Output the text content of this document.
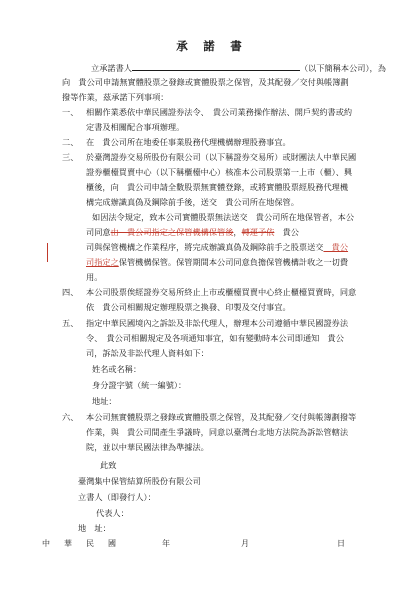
承　諾　書
立承諾書人	（以下簡稱本公司），為
向　貴公司申請無實體股票之發錄或實體股票之保管，及其配發／交付與帳簿劃
撥等作業，茲承諾下列事項：
一、 相關作業悉依中華民國證券法令、　貴公司業務操作辦法、開戶契約書或約
定書及相關配合事項辦理。
二、 在　貴公司所在地委任事業股務代理機構辦理股務事宜。
三、 於臺灣證券交易所股份有限公司（以下稱證券交易所）或財團法人中華民國
證券櫃檯買賣中心（以下稱櫃檯中心）核准本公司股票第一上市（櫃）、興
櫃後，向　貴公司申請全數股票無實體登錄，或將實體股票經股務代理機
構完成辦識真偽及鋼除前手後，送交　貴公司所在地保管。
如因法令規定，致本公司實體股票無法送交　貴公司所在地保管者，本公
司同意由　貴公司指定之保管機構保管後，轉運予依　貴公
司與保管機構之作業程序，將完成辦識真偽及鋼除前手之股票送交　貴公
司指定之保管機構保管。保管期間本公司同意負擔保管機構計收之一切費
用。
四、 本公司股票俟經證券交易所終止上市或櫃檯買賣中心終止櫃檯買賣時，同意
依　貴公司相關規定辦理股票之換發、印製及交付事宜。
五、 指定中華民國境內之訴訟及非訟代理人，辦理本公司遵循中華民國證券法
令、　貴公司相關規定及各項通知事宜，如有變動時本公司即通知　貴公
司，訴訟及非訟代理人資料如下：
姓名或名稱：
身分證字號（統一編號）：
地址：
六、 本公司無實體股票之發錄或實體股票之保管，及其配發／交付與帳簿劃撥等
作業，與　貴公司間產生爭議時，同意以臺灣台北地方法院為訴訟管轄法
院，並以中華民國法律為準據法。
此致
臺灣集中保管結算所股份有限公司
立書人（即發行人）：
代表人：
地　址：
中 華 民 國	年	月	日
